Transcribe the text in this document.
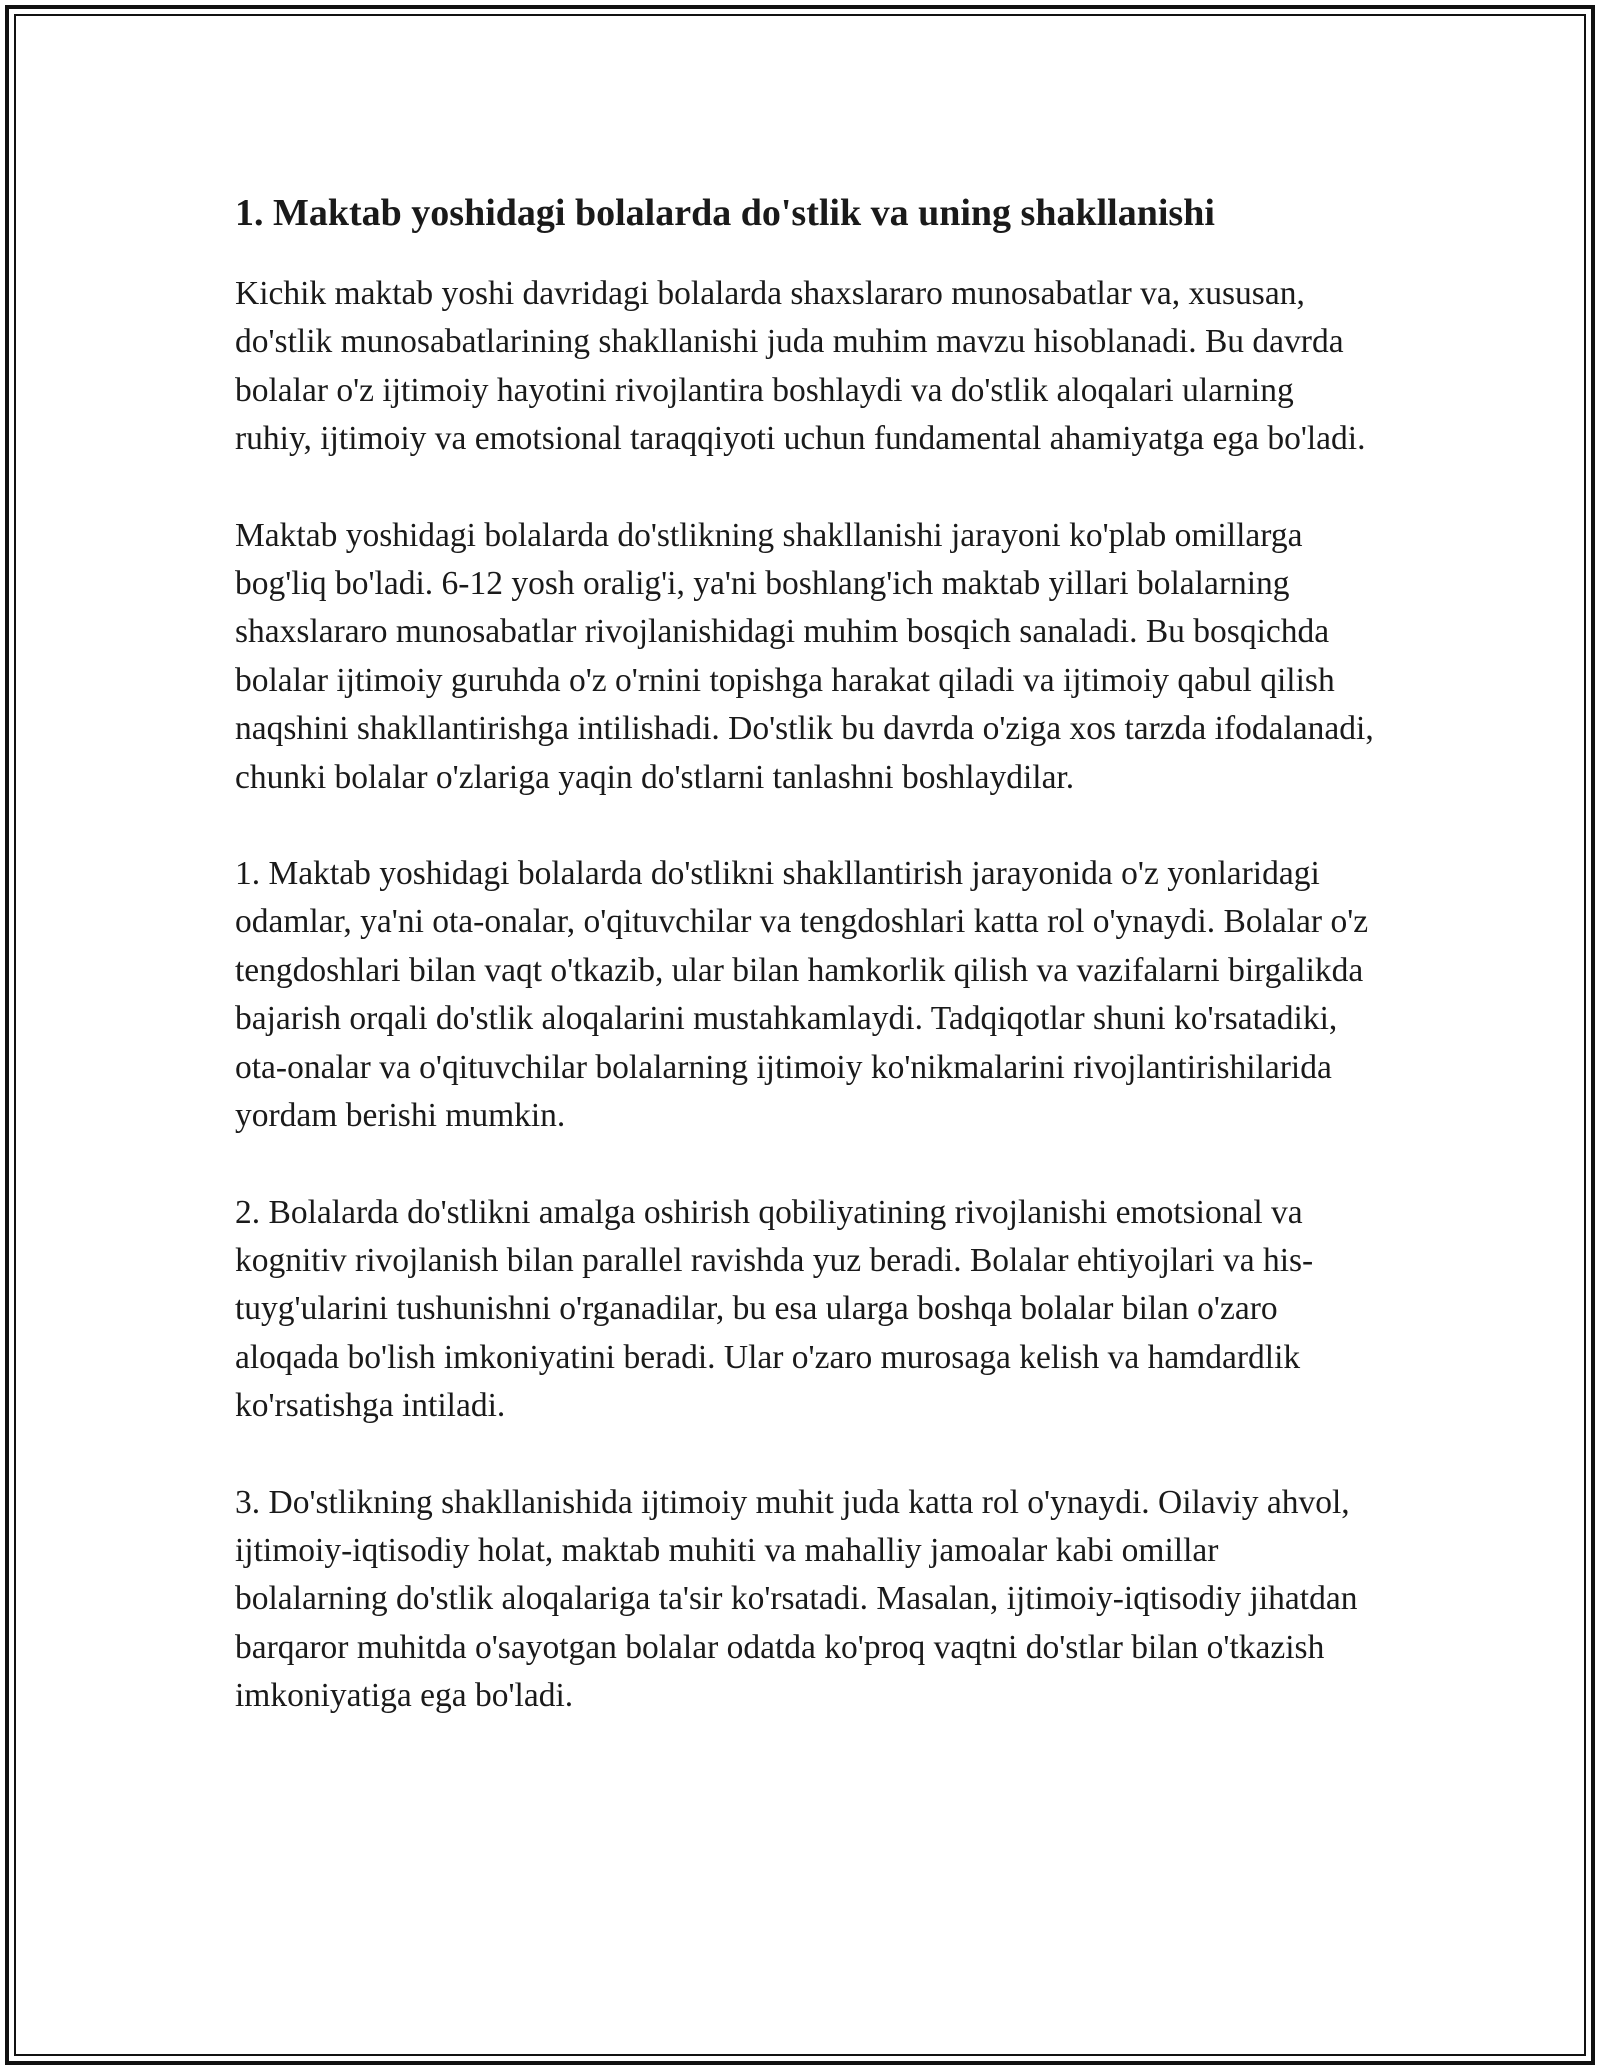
1. Maktab yoshidagi bolalarda do'stlik va uning shakllanishi

Kichik maktab yoshi davridagi bolalarda shaxslararo munosabatlar va, xususan, do'stlik munosabatlarining shakllanishi juda muhim mavzu hisoblanadi. Bu davrda bolalar o'z ijtimoiy hayotini rivojlantira boshlaydi va do'stlik aloqalari ularning ruhiy, ijtimoiy va emotsional taraqqiyoti uchun fundamental ahamiyatga ega bo'ladi.

Maktab yoshidagi bolalarda do'stlikning shakllanishi jarayoni ko'plab omillarga bog'liq bo'ladi. 6-12 yosh oralig'i, ya'ni boshlang'ich maktab yillari bolalarning shaxslararo munosabatlar rivojlanishidagi muhim bosqich sanaladi. Bu bosqichda bolalar ijtimoiy guruhda o'z o'rnini topishga harakat qiladi va ijtimoiy qabul qilish naqshini shakllantirishga intilishadi. Do'stlik bu davrda o'ziga xos tarzda ifodalanadi, chunki bolalar o'zlariga yaqin do'stlarni tanlashni boshlaydilar.

1. Maktab yoshidagi bolalarda do'stlikni shakllantirish jarayonida o'z yonlaridagi odamlar, ya'ni ota-onalar, o'qituvchilar va tengdoshlari katta rol o'ynaydi. Bolalar o'z tengdoshlari bilan vaqt o'tkazib, ular bilan hamkorlik qilish va vazifalarni birgalikda bajarish orqali do'stlik aloqalarini mustahkamlaydi. Tadqiqotlar shuni ko'rsatadiki, ota-onalar va o'qituvchilar bolalarning ijtimoiy ko'nikmalarini rivojlantirishilarida yordam berishi mumkin.

2. Bolalarda do'stlikni amalga oshirish qobiliyatining rivojlanishi emotsional va kognitiv rivojlanish bilan parallel ravishda yuz beradi. Bolalar ehtiyojlari va his-tuyg'ularini tushunishni o'rganadilar, bu esa ularga boshqa bolalar bilan o'zaro aloqada bo'lish imkoniyatini beradi. Ular o'zaro murosaga kelish va hamdardlik ko'rsatishga intiladi.

3. Do'stlikning shakllanishida ijtimoiy muhit juda katta rol o'ynaydi. Oilaviy ahvol, ijtimoiy-iqtisodiy holat, maktab muhiti va mahalliy jamoalar kabi omillar bolalarning do'stlik aloqalariga ta'sir ko'rsatadi. Masalan, ijtimoiy-iqtisodiy jihatdan barqaror muhitda o'sayotgan bolalar odatda ko'proq vaqtni do'stlar bilan o'tkazish imkoniyatiga ega bo'ladi.
